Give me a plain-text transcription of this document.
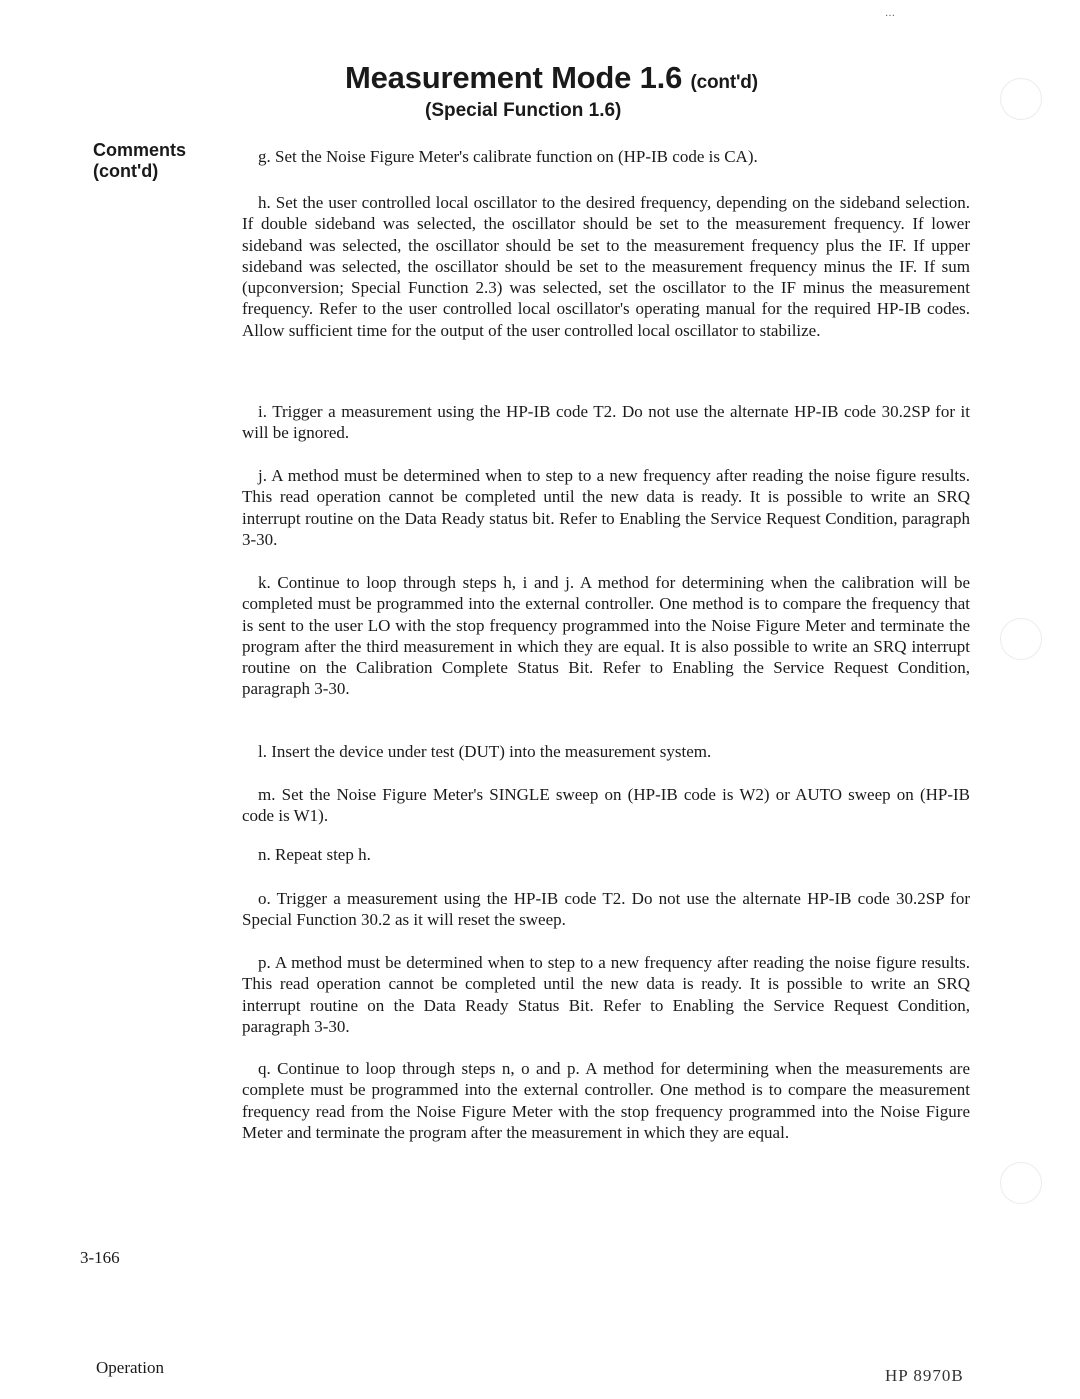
…
Measurement Mode 1.6 (cont'd)
(Special Function 1.6)
Comments
(cont'd)
g. Set the Noise Figure Meter's calibrate function on (HP-IB code is CA).
h. Set the user controlled local oscillator to the desired frequency, depending on the sideband selection. If double sideband was selected, the oscillator should be set to the measurement frequency. If lower sideband was selected, the oscillator should be set to the measurement frequency plus the IF. If upper sideband was selected, the oscillator should be set to the measurement frequency minus the IF. If sum (upconversion; Special Function 2.3) was selected, set the oscillator to the IF minus the measurement frequency. Refer to the user controlled local oscillator's operating manual for the required HP-IB codes. Allow sufficient time for the output of the user controlled local oscillator to stabilize.
i. Trigger a measurement using the HP-IB code T2. Do not use the alternate HP-IB code 30.2SP for it will be ignored.
j. A method must be determined when to step to a new frequency after reading the noise figure results. This read operation cannot be completed until the new data is ready. It is possible to write an SRQ interrupt routine on the Data Ready status bit. Refer to Enabling the Service Request Condition, paragraph 3-30.
k. Continue to loop through steps h, i and j. A method for determining when the calibration will be completed must be programmed into the external controller. One method is to compare the frequency that is sent to the user LO with the stop frequency programmed into the Noise Figure Meter and terminate the program after the third measurement in which they are equal. It is also possible to write an SRQ interrupt routine on the Calibration Complete Status Bit. Refer to Enabling the Service Request Condition, paragraph 3-30.
l. Insert the device under test (DUT) into the measurement system.
m. Set the Noise Figure Meter's SINGLE sweep on (HP-IB code is W2) or AUTO sweep on (HP-IB code is W1).
n. Repeat step h.
o. Trigger a measurement using the HP-IB code T2. Do not use the alternate HP-IB code 30.2SP for Special Function 30.2 as it will reset the sweep.
p. A method must be determined when to step to a new frequency after reading the noise figure results. This read operation cannot be completed until the new data is ready. It is possible to write an SRQ interrupt routine on the Data Ready Status Bit. Refer to Enabling the Service Request Condition, paragraph 3-30.
q. Continue to loop through steps n, o and p. A method for determining when the measurements are complete must be programmed into the external controller. One method is to compare the measurement frequency read from the Noise Figure Meter with the stop frequency programmed into the Noise Figure Meter and terminate the program after the measurement in which they are equal.
3-166
Operation	HP 8970B
